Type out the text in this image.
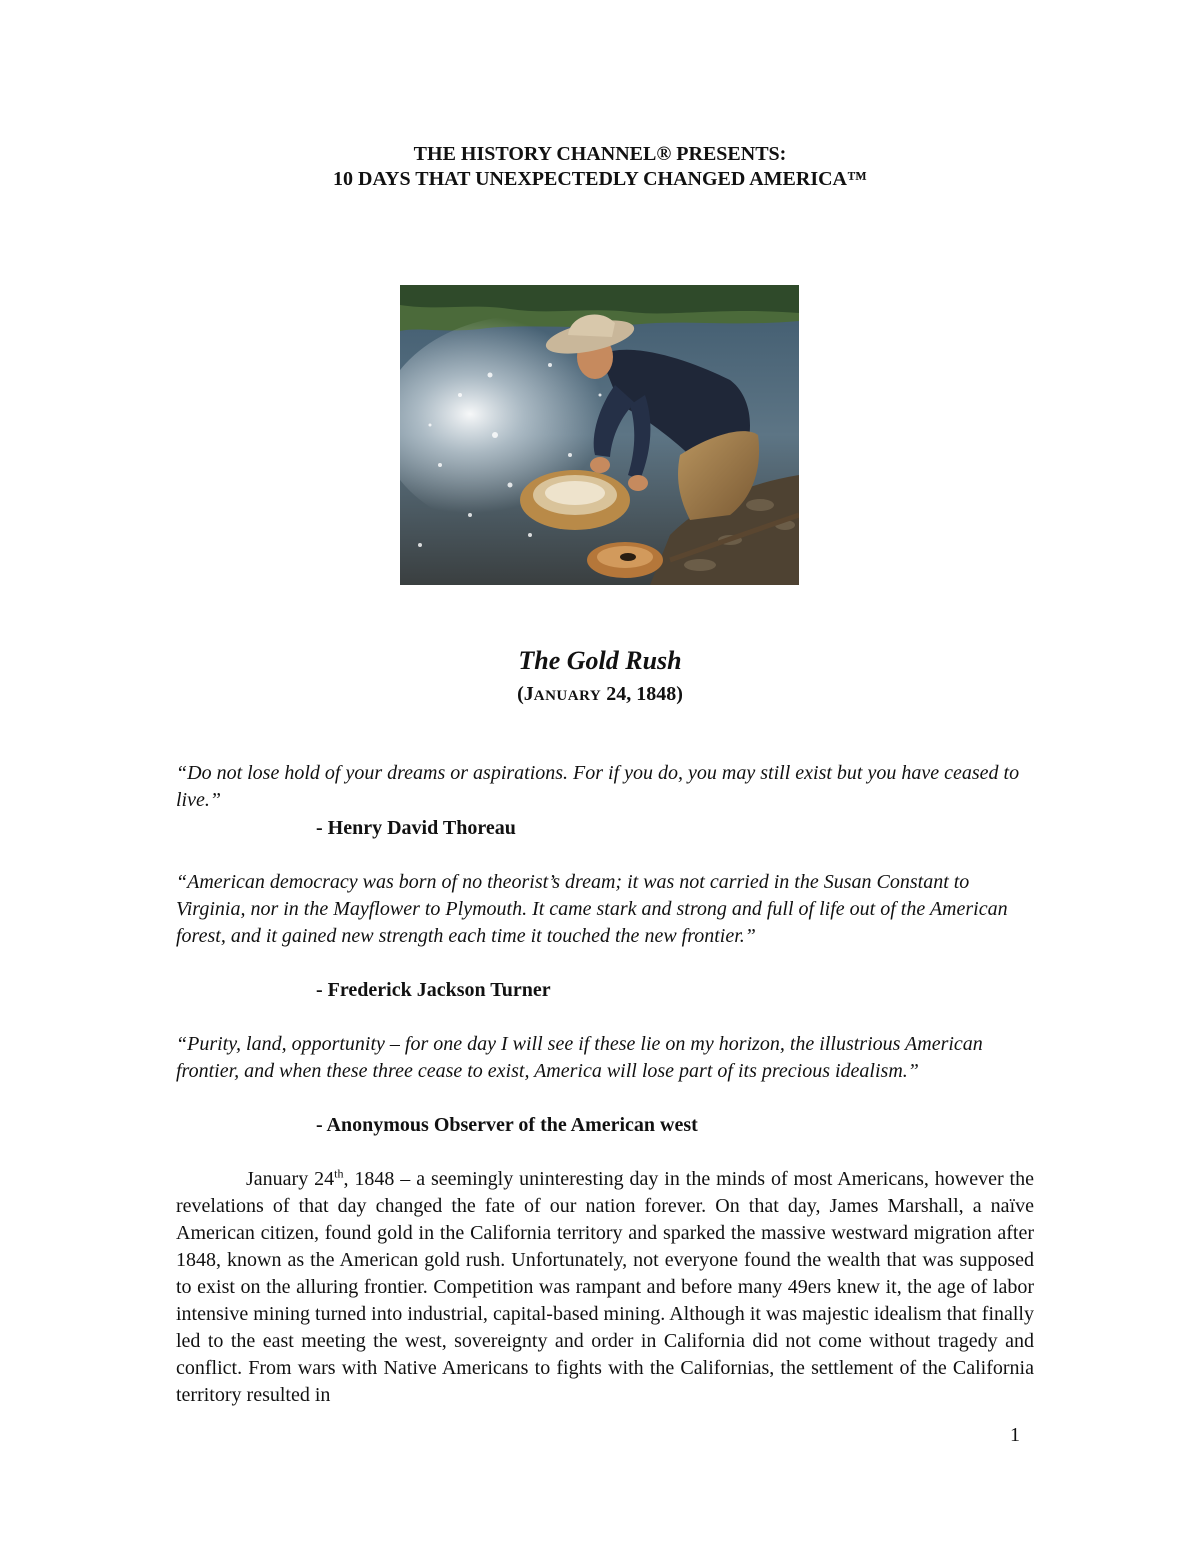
THE HISTORY CHANNEL® PRESENTS:
10 DAYS THAT UNEXPECTEDLY CHANGED AMERICA™
The Gold Rush
(JANUARY 24, 1848)
“Do not lose hold of your dreams or aspirations. For if you do, you may still exist but you have ceased to live.”
- Henry David Thoreau
“American democracy was born of no theorist’s dream; it was not carried in the Susan Constant to Virginia, nor in the Mayflower to Plymouth. It came stark and strong and full of life out of the American forest, and it gained new strength each time it touched the new frontier.”
- Frederick Jackson Turner
“Purity, land, opportunity – for one day I will see if these lie on my horizon, the illustrious American frontier, and when these three cease to exist, America will lose part of its precious idealism.”
- Anonymous Observer of the American west
January 24th, 1848 – a seemingly uninteresting day in the minds of most Americans, however the revelations of that day changed the fate of our nation forever. On that day, James Marshall, a naïve American citizen, found gold in the California territory and sparked the massive westward migration after 1848, known as the American gold rush. Unfortunately, not everyone found the wealth that was supposed to exist on the alluring frontier. Competition was rampant and before many 49ers knew it, the age of labor intensive mining turned into industrial, capital-based mining. Although it was majestic idealism that finally led to the east meeting the west, sovereignty and order in California did not come without tragedy and conflict. From wars with Native Americans to fights with the Californias, the settlement of the California territory resulted in
1
